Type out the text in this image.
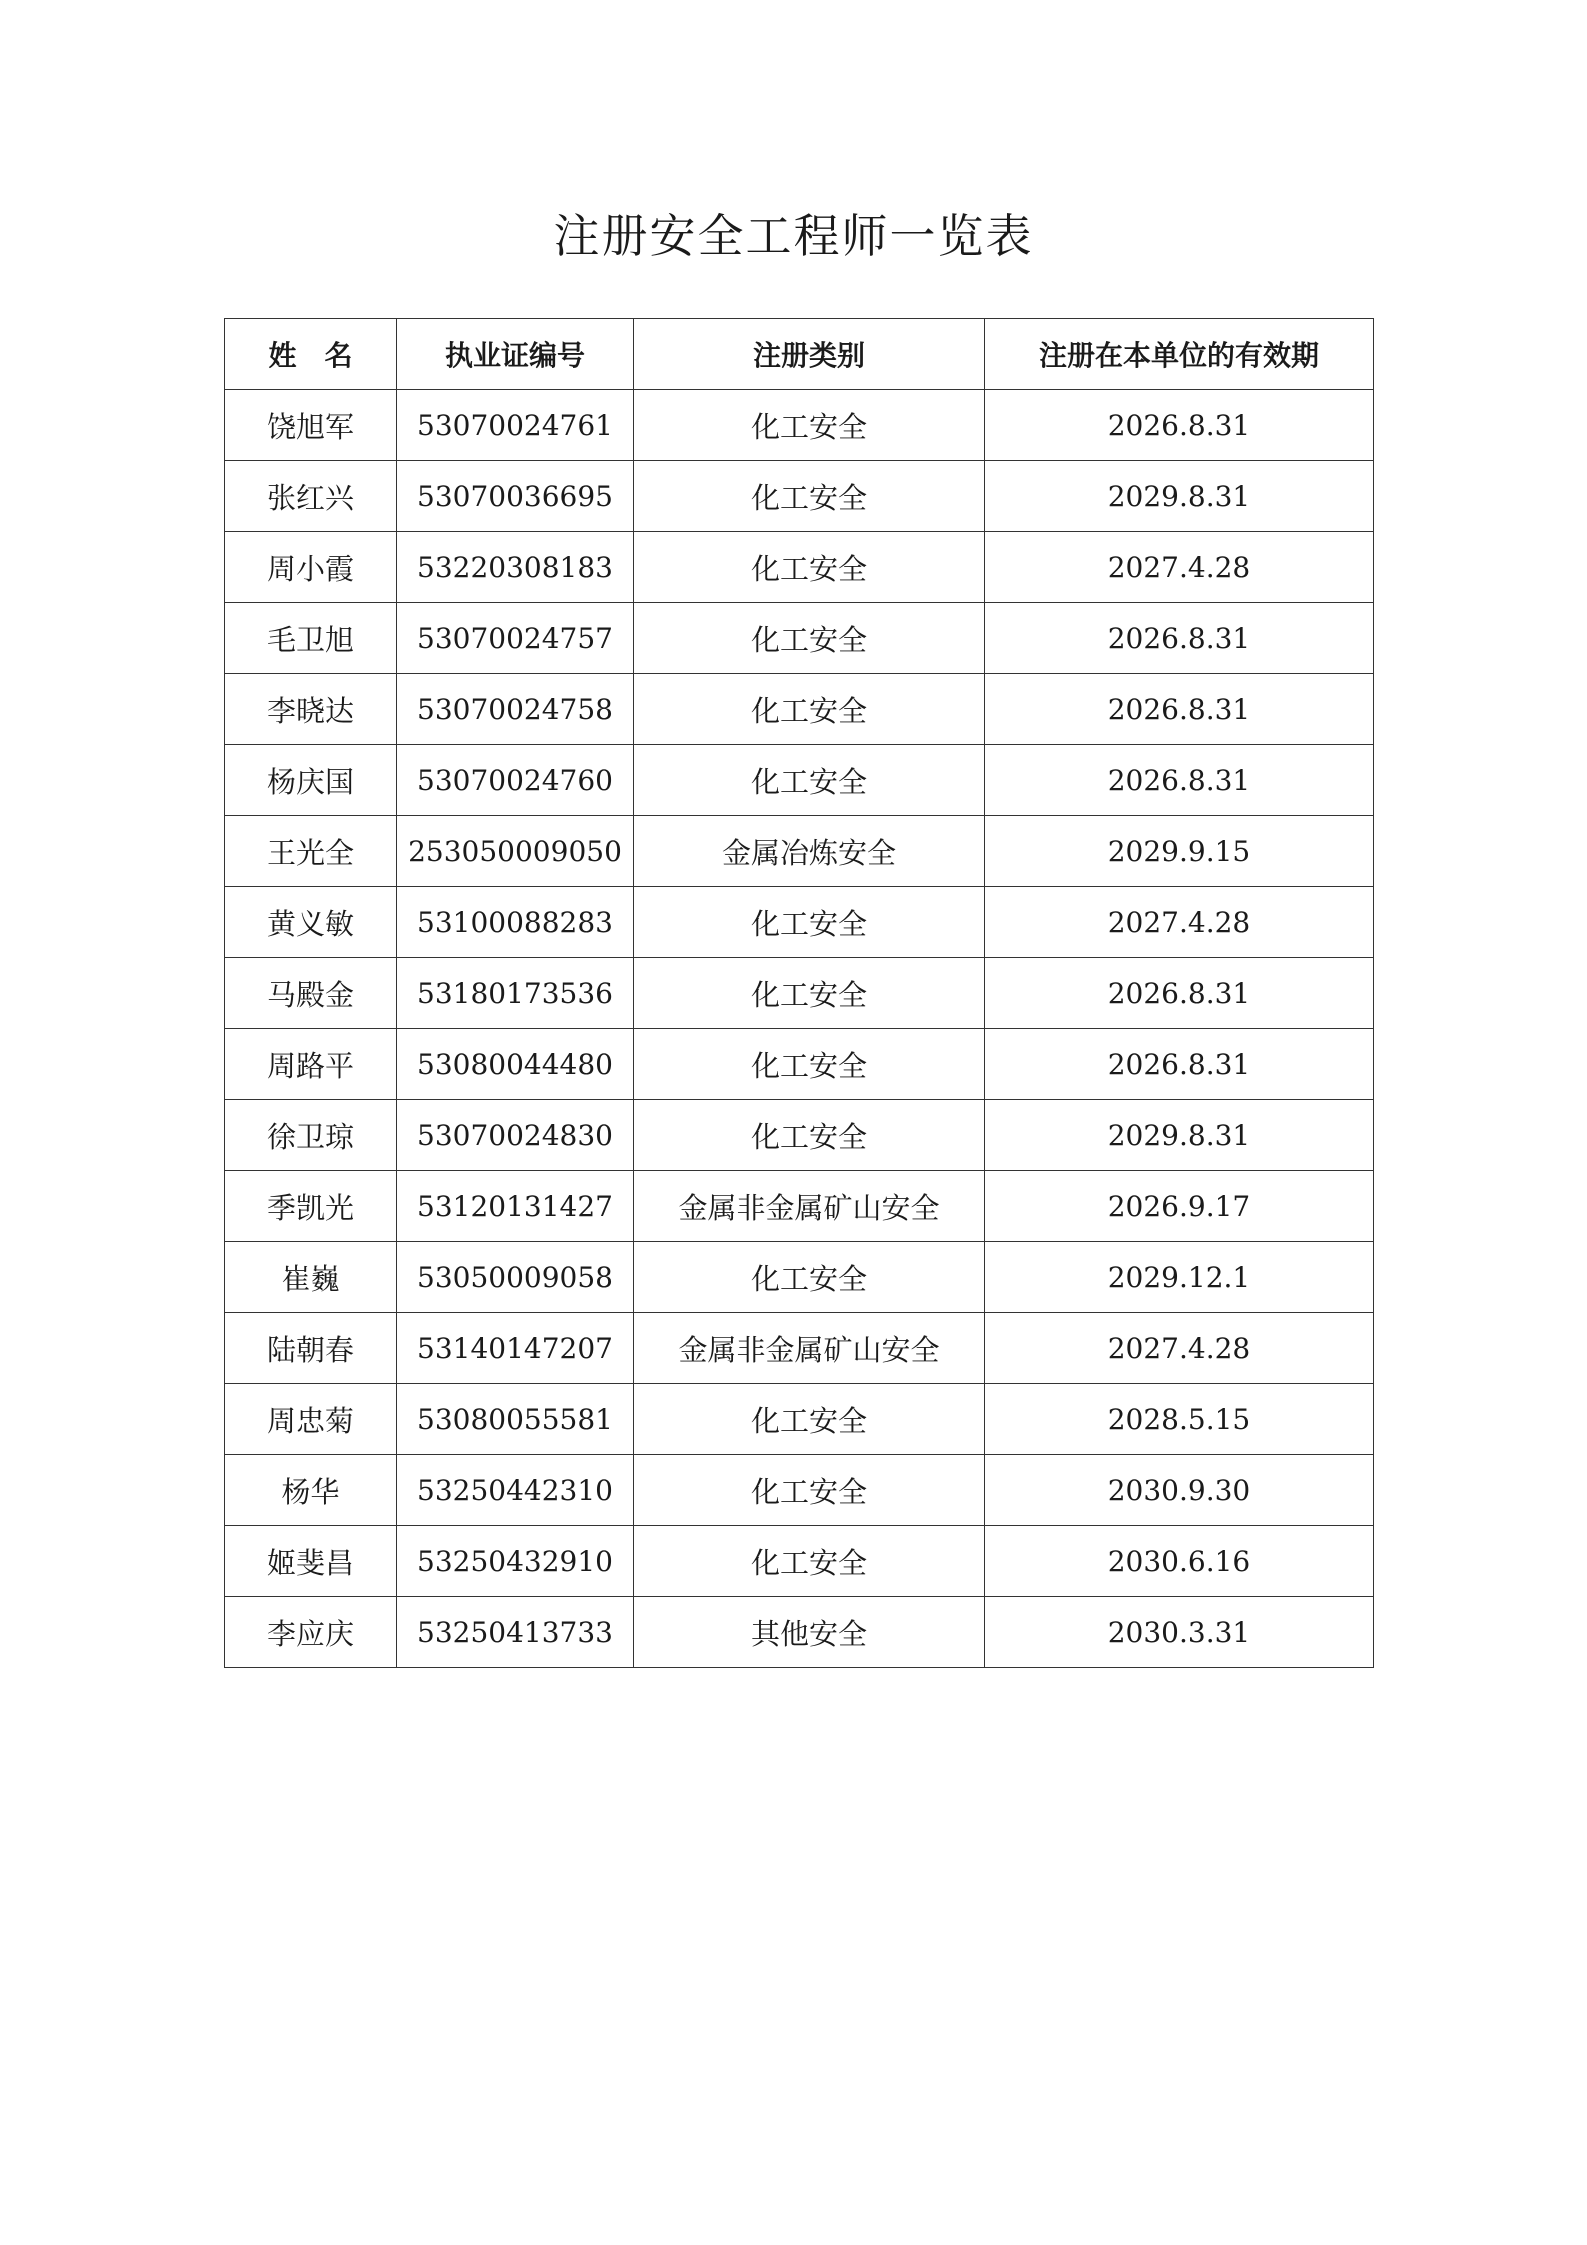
注册安全工程师一览表
姓　名	执业证编号	注册类别	注册在本单位的有效期
饶旭军	53070024761	化工安全	2026.8.31
张红兴	53070036695	化工安全	2029.8.31
周小霞	53220308183	化工安全	2027.4.28
毛卫旭	53070024757	化工安全	2026.8.31
李晓达	53070024758	化工安全	2026.8.31
杨庆国	53070024760	化工安全	2026.8.31
王光全	253050009050	金属冶炼安全	2029.9.15
黄义敏	53100088283	化工安全	2027.4.28
马殿金	53180173536	化工安全	2026.8.31
周路平	53080044480	化工安全	2026.8.31
徐卫琼	53070024830	化工安全	2029.8.31
季凯光	53120131427	金属非金属矿山安全	2026.9.17
崔巍	53050009058	化工安全	2029.12.1
陆朝春	53140147207	金属非金属矿山安全	2027.4.28
周忠菊	53080055581	化工安全	2028.5.15
杨华	53250442310	化工安全	2030.9.30
姬斐昌	53250432910	化工安全	2030.6.16
李应庆	53250413733	其他安全	2030.3.31
